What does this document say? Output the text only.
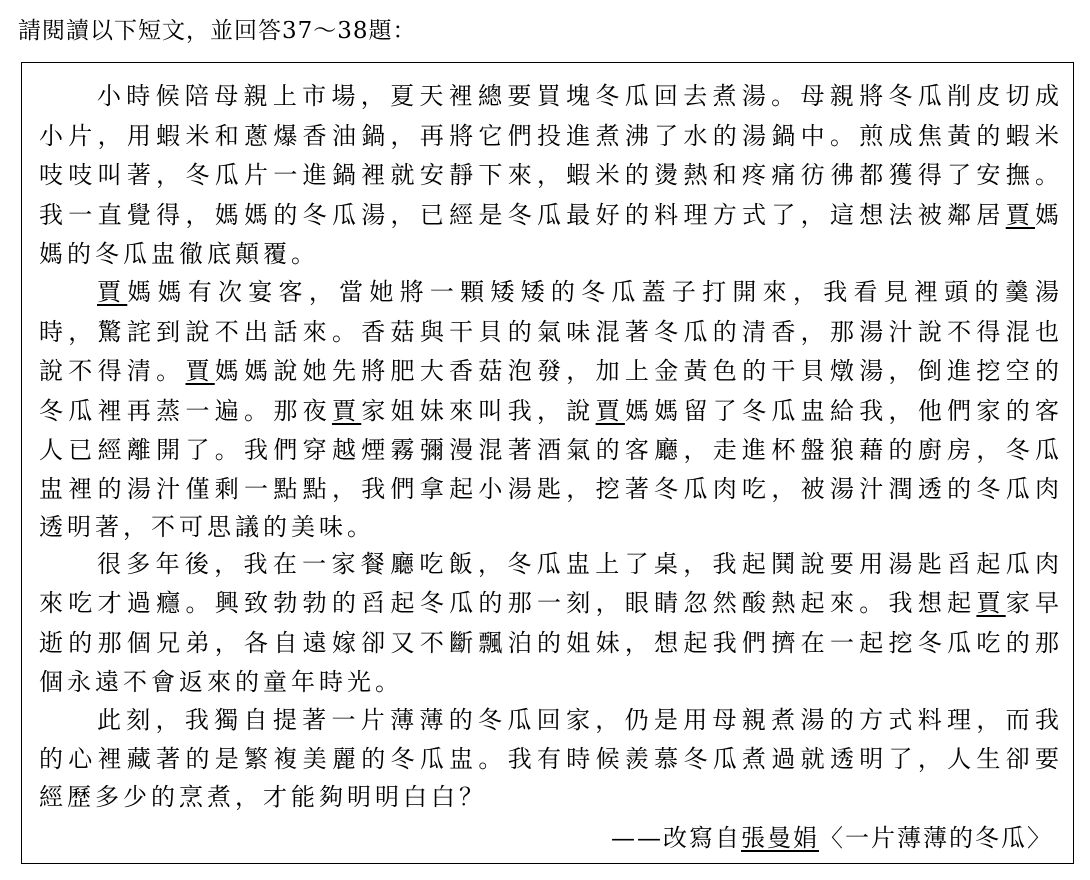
請閱讀以下短文，並回答37～38題：
小時候陪母親上市場，夏天裡總要買塊冬瓜回去煮湯。母親將冬瓜削皮切成
小片，用蝦米和蔥爆香油鍋，再將它們投進煮沸了水的湯鍋中。煎成焦黃的蝦米
吱吱叫著，冬瓜片一進鍋裡就安靜下來，蝦米的燙熱和疼痛彷彿都獲得了安撫。
我一直覺得，媽媽的冬瓜湯，已經是冬瓜最好的料理方式了，這想法被鄰居賈媽
媽的冬瓜盅徹底顛覆。
賈媽媽有次宴客，當她將一顆矮矮的冬瓜蓋子打開來，我看見裡頭的羹湯
時，驚詫到說不出話來。香菇與干貝的氣味混著冬瓜的清香，那湯汁說不得混也
說不得清。賈媽媽說她先將肥大香菇泡發，加上金黃色的干貝燉湯，倒進挖空的
冬瓜裡再蒸一遍。那夜賈家姐妹來叫我，說賈媽媽留了冬瓜盅給我，他們家的客
人已經離開了。我們穿越煙霧彌漫混著酒氣的客廳，走進杯盤狼藉的廚房，冬瓜
盅裡的湯汁僅剩一點點，我們拿起小湯匙，挖著冬瓜肉吃，被湯汁潤透的冬瓜肉
透明著，不可思議的美味。
很多年後，我在一家餐廳吃飯，冬瓜盅上了桌，我起鬨說要用湯匙舀起瓜肉
來吃才過癮。興致勃勃的舀起冬瓜的那一刻，眼睛忽然酸熱起來。我想起賈家早
逝的那個兄弟，各自遠嫁卻又不斷飄泊的姐妹，想起我們擠在一起挖冬瓜吃的那
個永遠不會返來的童年時光。
此刻，我獨自提著一片薄薄的冬瓜回家，仍是用母親煮湯的方式料理，而我
的心裡藏著的是繁複美麗的冬瓜盅。我有時候羨慕冬瓜煮過就透明了，人生卻要
經歷多少的烹煮，才能夠明明白白？
——改寫自張曼娟〈一片薄薄的冬瓜〉
